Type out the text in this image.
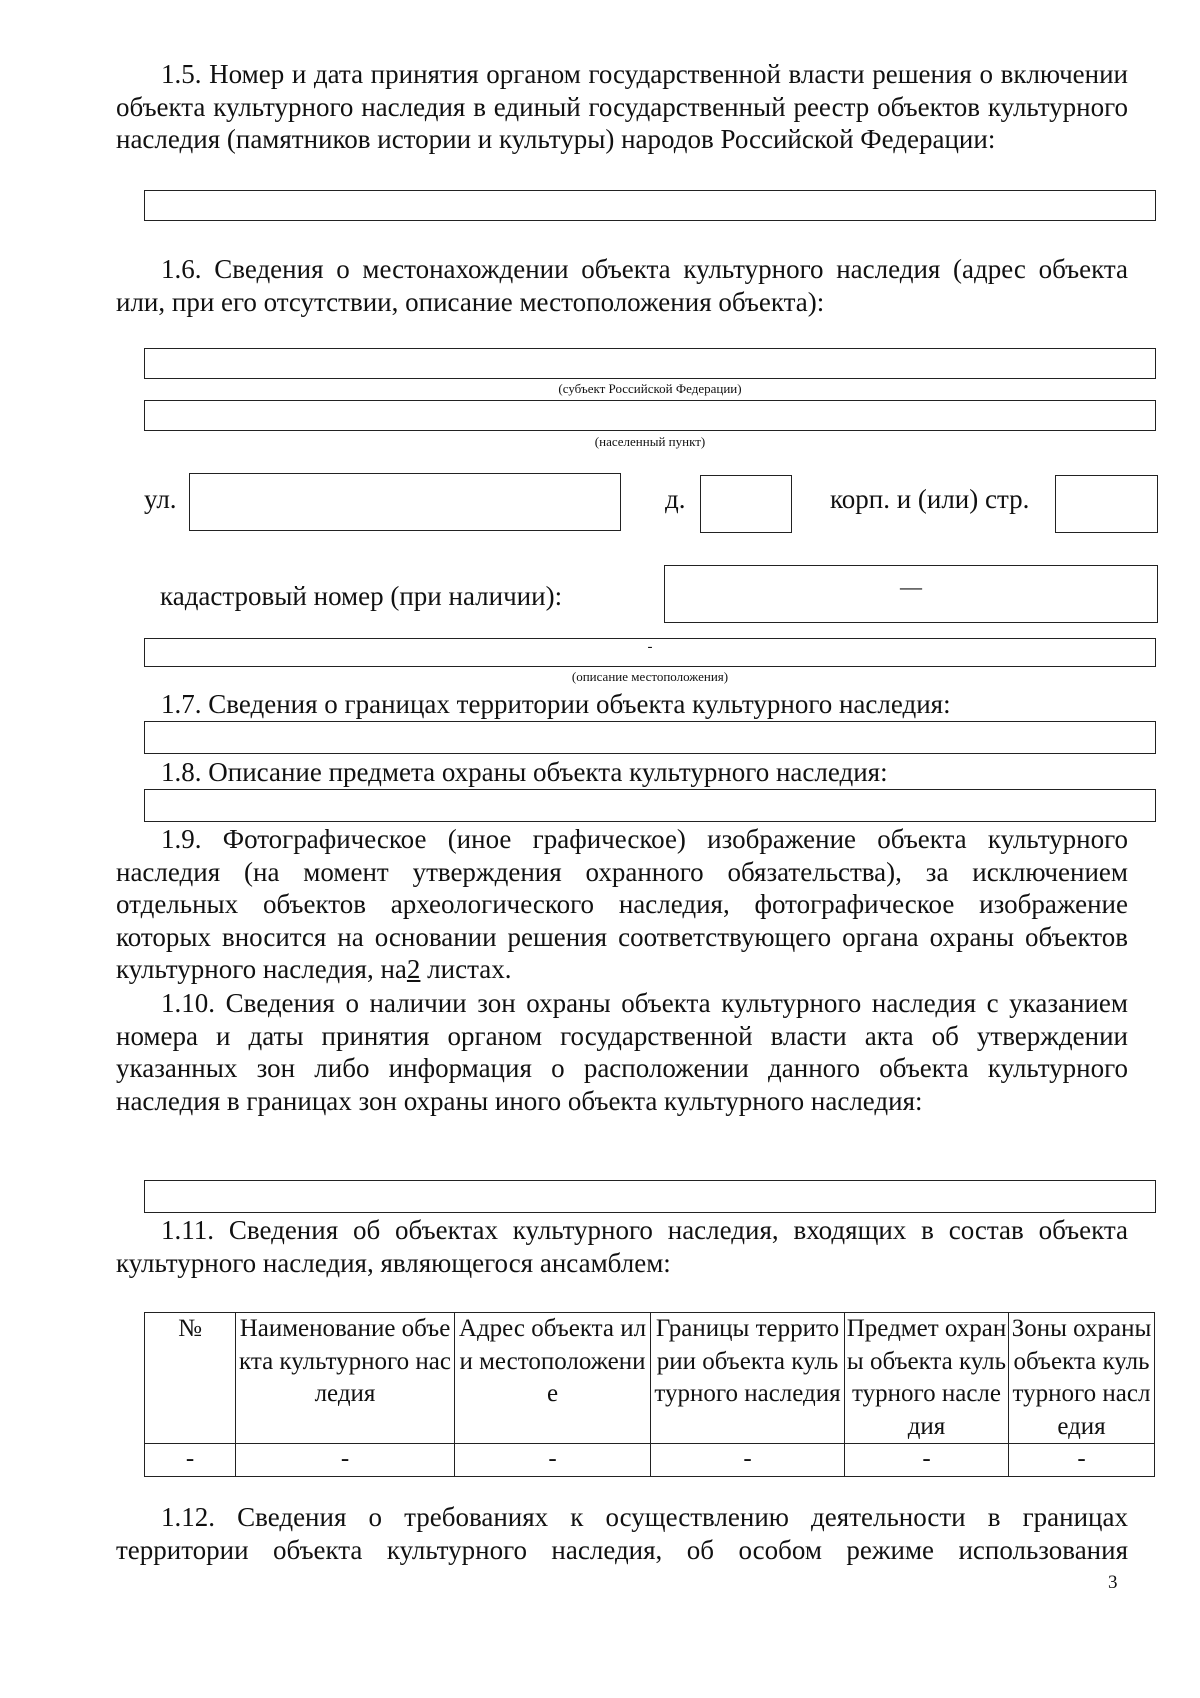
1.5. Номер и дата принятия органом государственной власти решения о включении объекта культурного наследия в единый государственный реестр объектов культурного наследия (памятников истории и культуры) народов Российской Федерации:
1.6. Сведения о местонахождении объекта культурного наследия (адрес объекта или, при его отсутствии, описание местоположения объекта):
(субъект Российской Федерации)
(населенный пункт)
ул.	д.	корп. и (или) стр.
кадастровый номер (при наличии):	—
-
(описание местоположения)
1.7. Сведения о границах территории объекта культурного наследия:
1.8. Описание предмета охраны объекта культурного наследия:
1.9. Фотографическое (иное графическое) изображение объекта культурного наследия (на момент утверждения охранного обязательства), за исключением отдельных объектов археологического наследия, фотографическое изображение которых вносится на основании решения соответствующего органа охраны объектов культурного наследия, на2 листах.
1.10. Сведения о наличии зон охраны объекта культурного наследия с указанием номера и даты принятия органом государственной власти акта об утверждении указанных зон либо информация о расположении данного объекта культурного наследия в границах зон охраны иного объекта культурного наследия:
1.11. Сведения об объектах культурного наследия, входящих в состав объекта культурного наследия, являющегося ансамблем:
№	Наименование объекта культурного наследия	Адрес объекта или местоположение	Границы территории объекта культурного наследия	Предмет охраны объекта культурного наследия	Зоны охраны объекта культурного наследия
-	-	-	-	-	-
1.12. Сведения о требованиях к осуществлению деятельности в границах территории объекта культурного наследия, об особом режиме использования
3
